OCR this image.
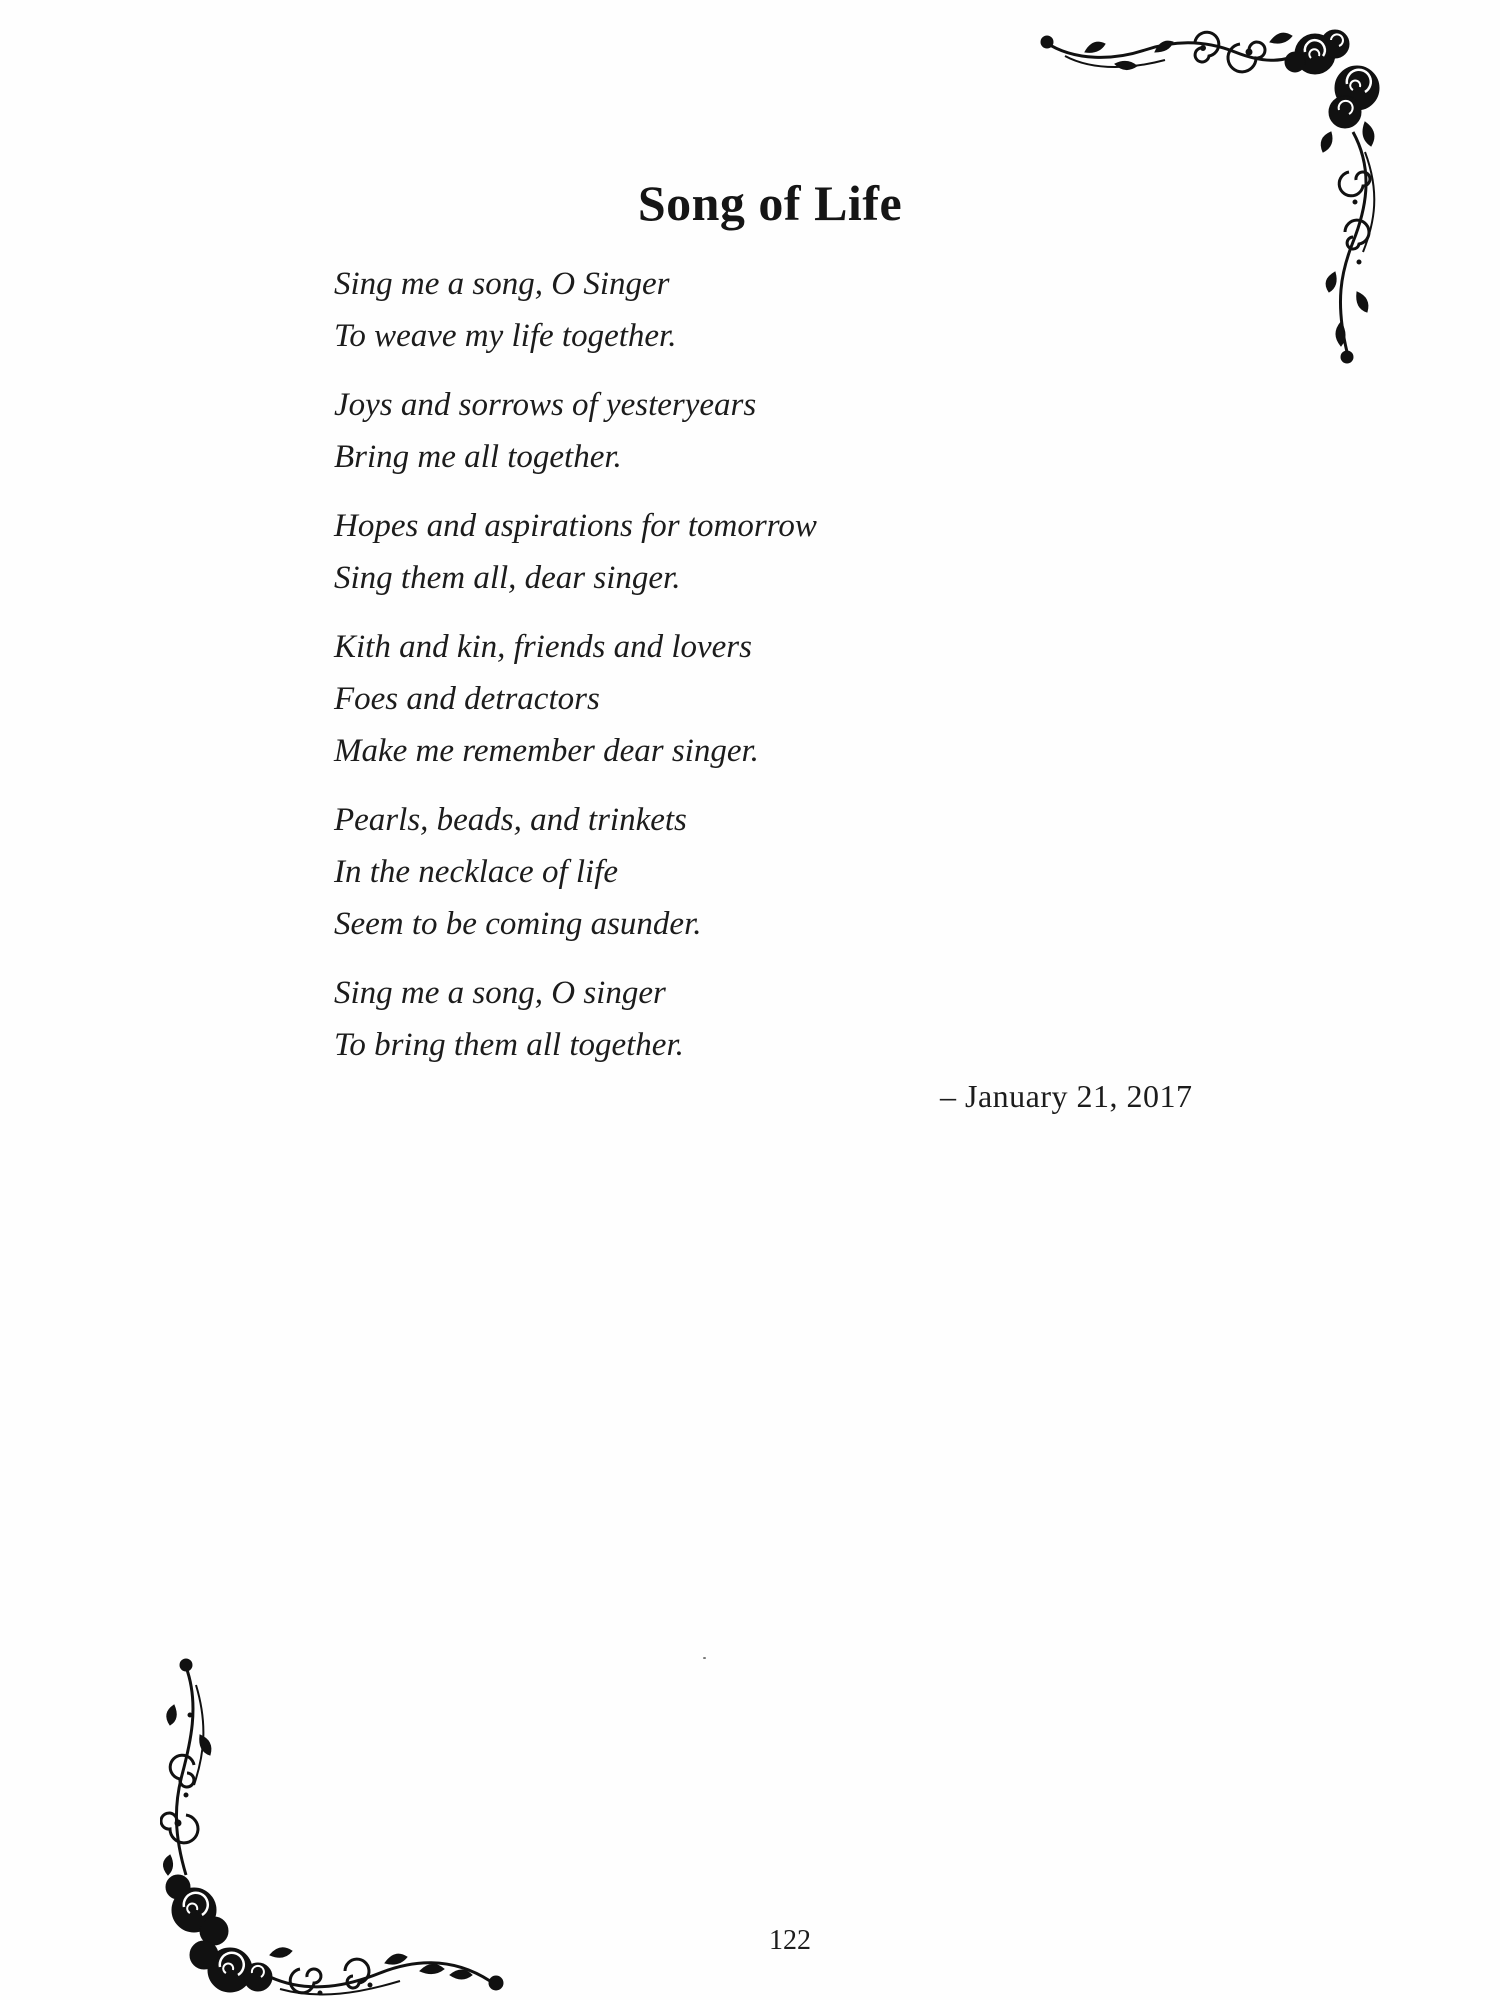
Song of Life
Sing me a song, O Singer
To weave my life together.
Joys and sorrows of yesteryears
Bring me all together.
Hopes and aspirations for tomorrow
Sing them all, dear singer.
Kith and kin, friends and lovers
Foes and detractors
Make me remember dear singer.
Pearls, beads, and trinkets
In the necklace of life
Seem to be coming asunder.
Sing me a song, O singer
To bring them all together.
– January 21, 2017
122
